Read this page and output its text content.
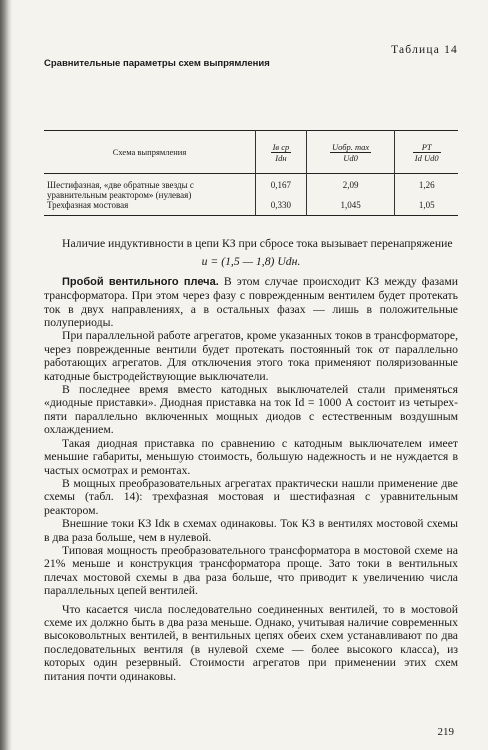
Таблица 14
Сравнительные параметры схем выпрямления
Схема выпрямления	$\frac{\text{Iв ср}}{\text{Idн}}$	$\frac{\text{Uобр. max}}{Ud0}$	$\frac{PT}{\text{Id Ud0}}$

Шестифазная, «две обратные звезды с уравнительным реактором» (нулевая)	0,167	2,09	1,26
Трехфазная мостовая	0,330	1,045	1,05

Наличие индуктивности в цепи КЗ при сбросе тока вызывает перенапряжение

u = (1,5 — 1,8) Udн.

Пробой вентильного плеча. В этом случае происходит КЗ между фазами трансформатора. При этом через фазу с поврежденным вентилем будет протекать ток в двух направлениях, а в остальных фазах — лишь в положительные полупериоды.

При параллельной работе агрегатов, кроме указанных токов в трансформаторе, через поврежденные вентили будет протекать постоянный ток от параллельно работающих агрегатов. Для отключения этого тока применяют поляризованные катодные быстродействующие выключатели.

В последнее время вместо катодных выключателей стали применяться «диодные приставки». Диодная приставка на ток Id = 1000 А состоит из четырех-пяти параллельно включенных мощных диодов с естественным воздушным охлаждением.

Такая диодная приставка по сравнению с катодным выключателем имеет меньшие габариты, меньшую стоимость, большую надежность и не нуждается в частых осмотрах и ремонтах.

В мощных преобразовательных агрегатах практически нашли применение две схемы (табл. 14): трехфазная мостовая и шестифазная с уравнительным реактором.

Внешние токи КЗ Idк в схемах одинаковы. Ток КЗ в вентилях мостовой схемы в два раза больше, чем в нулевой.

Типовая мощность преобразовательного трансформатора в мостовой схеме на 21% меньше и конструкция трансформатора проще. Зато токи в вентильных плечах мостовой схемы в два раза больше, что приводит к увеличению числа параллельных цепей вентилей.

Что касается числа последовательно соединенных вентилей, то в мостовой схеме их должно быть в два раза меньше. Однако, учитывая наличие современных высоковольтных вентилей, в вентильных цепях обеих схем устанавливают по два последовательных вентиля (в нулевой схеме — более высокого класса), из которых один резервный. Стоимости агрегатов при применении этих схем питания почти одинаковы.

219
